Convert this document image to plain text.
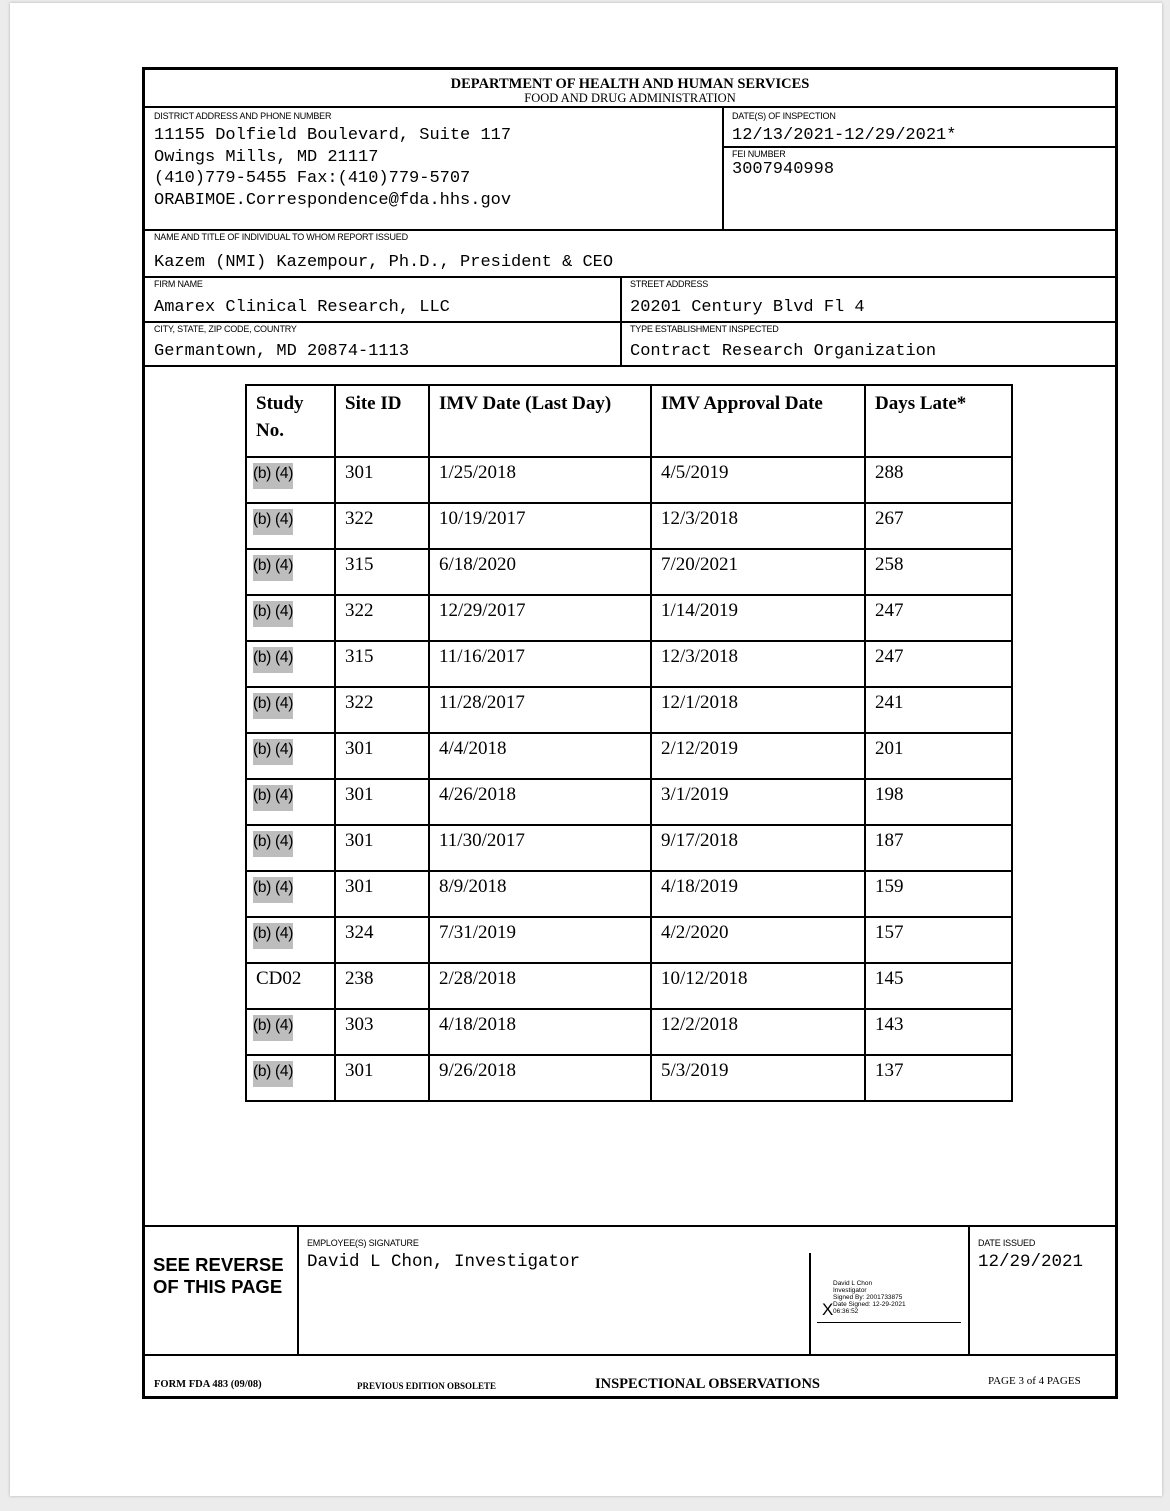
DEPARTMENT OF HEALTH AND HUMAN SERVICES
FOOD AND DRUG ADMINISTRATION
DISTRICT ADDRESS AND PHONE NUMBER
11155 Dolfield Boulevard, Suite 117
Owings Mills, MD 21117
(410)779-5455 Fax:(410)779-5707
ORABIMOE.Correspondence@fda.hhs.gov
DATE(S) OF INSPECTION
12/13/2021-12/29/2021*
FEI NUMBER
3007940998
NAME AND TITLE OF INDIVIDUAL TO WHOM REPORT ISSUED
Kazem (NMI) Kazempour, Ph.D., President & CEO
FIRM NAME
Amarex Clinical Research, LLC
STREET ADDRESS
20201 Century Blvd Fl 4
CITY, STATE, ZIP CODE, COUNTRY
Germantown, MD 20874-1113
TYPE ESTABLISHMENT INSPECTED
Contract Research Organization
Study
No.	Site ID	IMV Date (Last Day)	IMV Approval Date	Days Late*
(b) (4)	301	1/25/2018	4/5/2019	288
(b) (4)	322	10/19/2017	12/3/2018	267
(b) (4)	315	6/18/2020	7/20/2021	258
(b) (4)	322	12/29/2017	1/14/2019	247
(b) (4)	315	11/16/2017	12/3/2018	247
(b) (4)	322	11/28/2017	12/1/2018	241
(b) (4)	301	4/4/2018	2/12/2019	201
(b) (4)	301	4/26/2018	3/1/2019	198
(b) (4)	301	11/30/2017	9/17/2018	187
(b) (4)	301	8/9/2018	4/18/2019	159
(b) (4)	324	7/31/2019	4/2/2020	157
CD02	238	2/28/2018	10/12/2018	145
(b) (4)	303	4/18/2018	12/2/2018	143
(b) (4)	301	9/26/2018	5/3/2019	137
SEE REVERSE
OF THIS PAGE
EMPLOYEE(S) SIGNATURE
David L Chon, Investigator
David L Chon
Investigator
Signed By: 2001733875
Date Signed: 12-29-2021
06:36:52
X
DATE ISSUED
12/29/2021
FORM FDA 483 (09/08)	PREVIOUS EDITION OBSOLETE	INSPECTIONAL OBSERVATIONS	PAGE 3 of 4 PAGES
